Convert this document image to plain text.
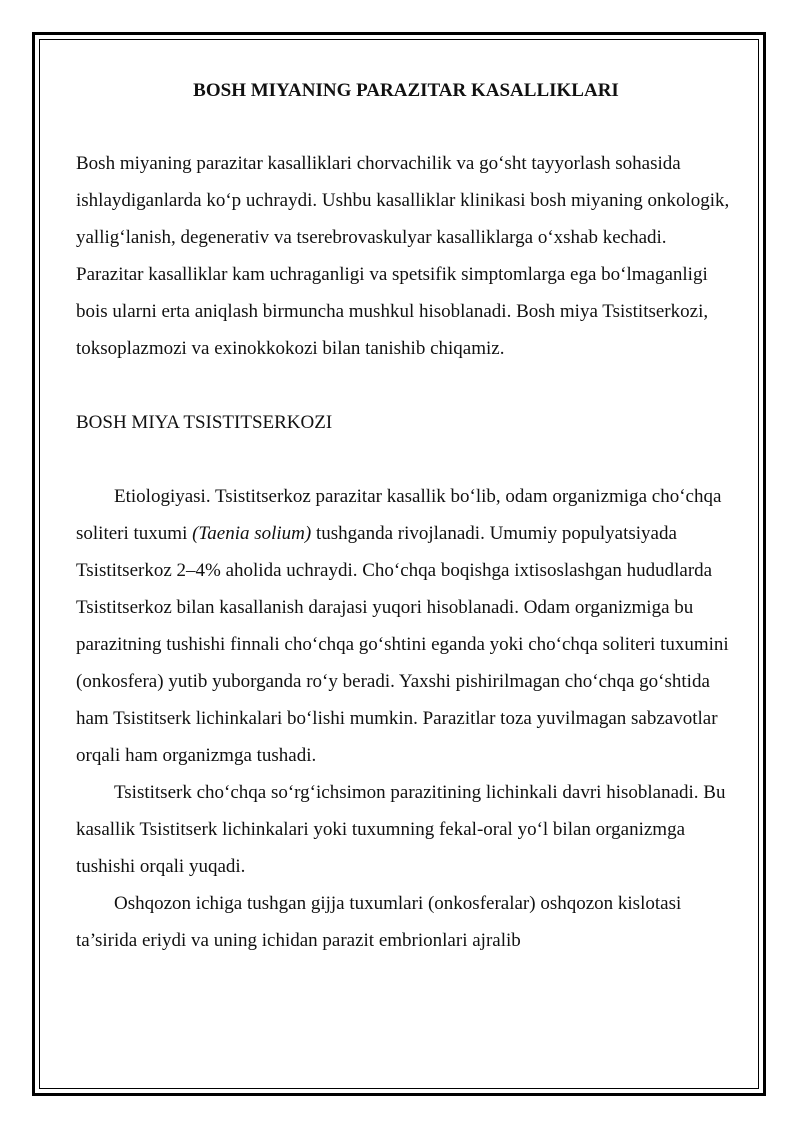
BOSH MIYANING PARAZITAR KASALLIKLARI

Bosh miyaning parazitar kasalliklari chorvachilik va go‘sht tayyorlash sohasida ishlaydiganlarda ko‘p uchraydi. Ushbu kasalliklar klinikasi bosh miyaning onkologik, yallig‘lanish, degenerativ va tserebrovaskulyar kasalliklarga o‘xshab kechadi. Parazitar kasalliklar kam uchraganligi va spetsifik simptomlarga ega bo‘lmaganligi bois ularni erta aniqlash birmuncha mushkul hisoblanadi. Bosh miya Tsistitserkozi, toksoplazmozi va exinokkokozi bilan tanishib chiqamiz.

BOSH MIYA TSISTITSERKOZI

Etiologiyasi. Tsistitserkoz parazitar kasallik bo‘lib, odam organizmiga cho‘chqa soliteri tuxumi (Taenia solium) tushganda rivojlanadi. Umumiy populyatsiyada Tsistitserkoz 2–4% aholida uchraydi. Cho‘chqa boqishga ixtisoslashgan hududlarda Tsistitserkoz bilan kasallanish darajasi yuqori hisoblanadi. Odam organizmiga bu parazitning tushishi finnali cho‘chqa go‘shtini eganda yoki cho‘chqa soliteri tuxumini (onkosfera) yutib yuborganda ro‘y beradi. Yaxshi pishirilmagan cho‘chqa go‘shtida ham Tsistitserk lichinkalari bo‘lishi mumkin. Parazitlar toza yuvilmagan sabzavotlar orqali ham organizmga tushadi.

Tsistitserk cho‘chqa so‘rg‘ichsimon parazitining lichinkali davri hisoblanadi. Bu kasallik Tsistitserk lichinkalari yoki tuxumning fekal-oral yo‘l bilan organizmga tushishi orqali yuqadi.

Oshqozon ichiga tushgan gijja tuxumlari (onkosferalar) oshqozon kislotasi ta’sirida eriydi va uning ichidan parazit embrionlari ajralib
